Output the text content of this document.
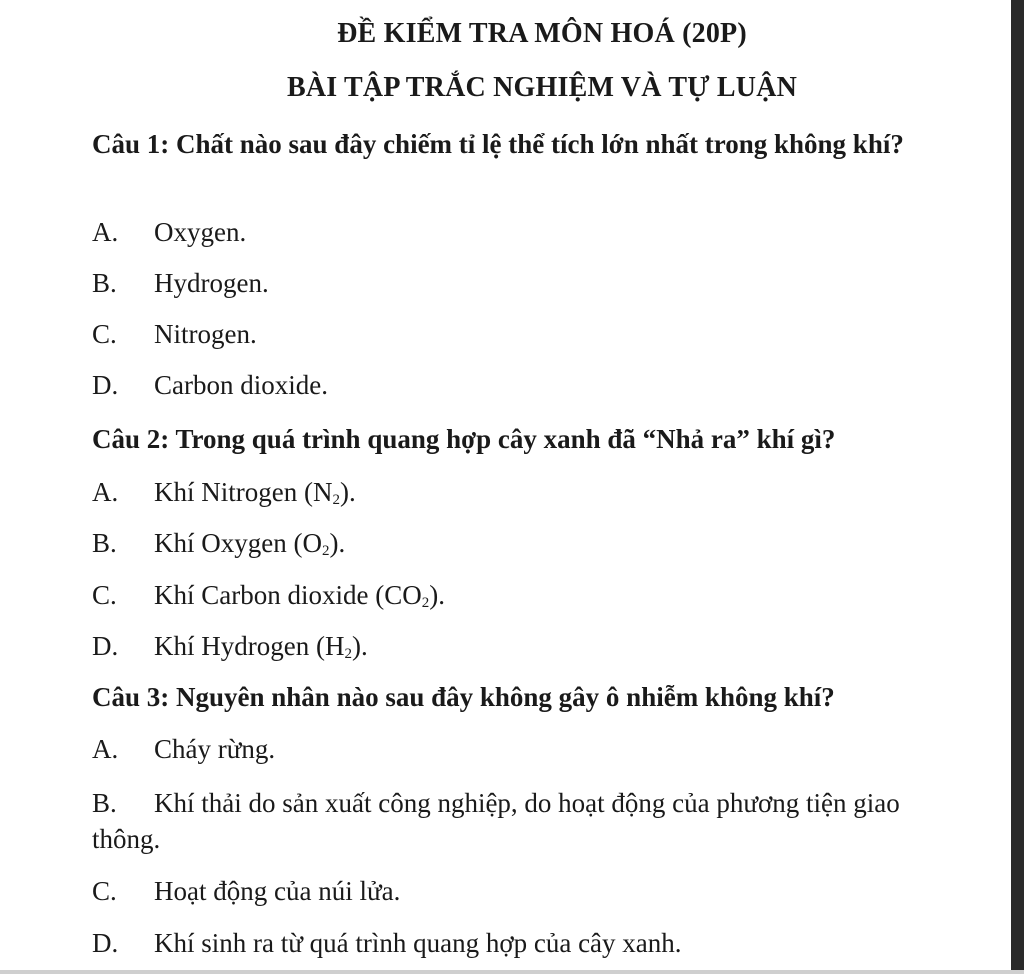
ĐỀ KIỂM TRA MÔN HOÁ (20P)
BÀI TẬP TRẮC NGHIỆM VÀ TỰ LUẬN
Câu 1: Chất nào sau đây chiếm tỉ lệ thể tích lớn nhất trong không khí?
A. Oxygen.
B. Hydrogen.
C. Nitrogen.
D. Carbon dioxide.
Câu 2: Trong quá trình quang hợp cây xanh đã “Nhả ra” khí gì?
A. Khí Nitrogen $(N_2)$.
B. Khí Oxygen $(O_2)$.
C. Khí Carbon dioxide $(CO_2)$.
D. Khí Hydrogen $(H_2)$.
Câu 3: Nguyên nhân nào sau đây không gây ô nhiễm không khí?
A. Cháy rừng.
B. Khí thải do sản xuất công nghiệp, do hoạt động của phương tiện giao thông.
C. Hoạt động của núi lửa.
D. Khí sinh ra từ quá trình quang hợp của cây xanh.
